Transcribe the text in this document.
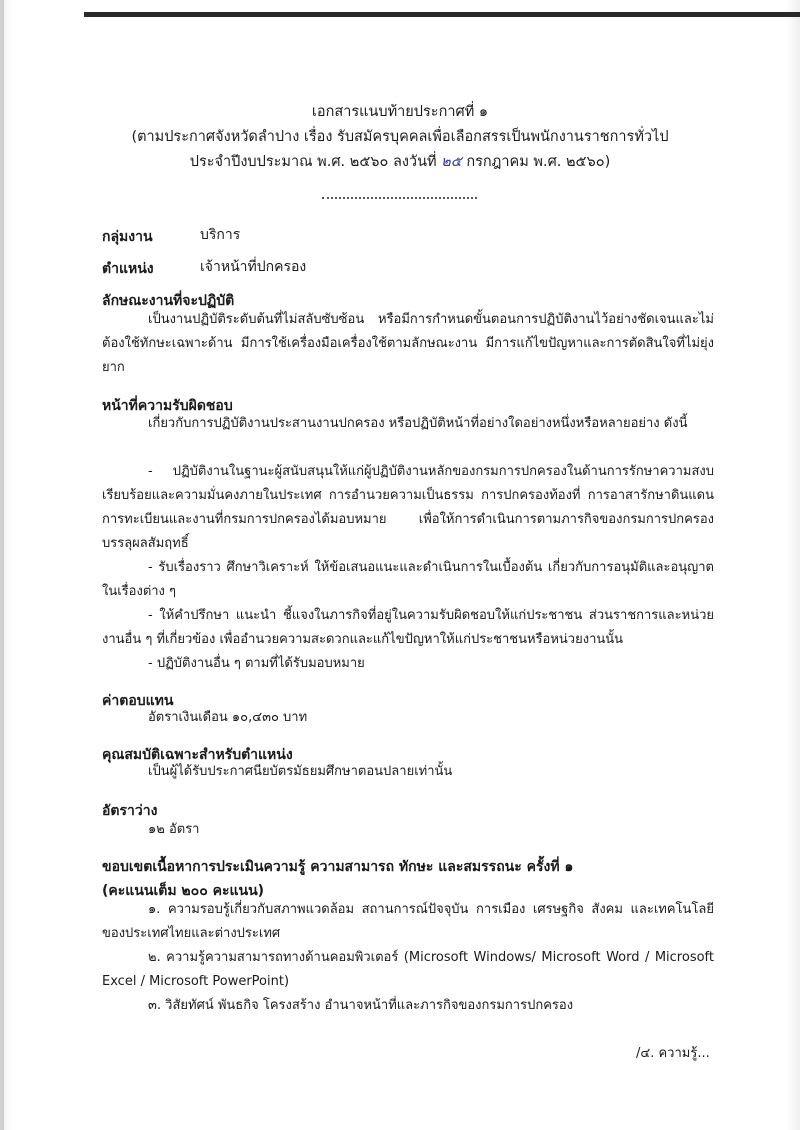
เอกสารแนบท้ายประกาศที่ ๑
(ตามประกาศจังหวัดลำปาง เรื่อง รับสมัครบุคคลเพื่อเลือกสรรเป็นพนักงานราชการทั่วไป
ประจำปีงบประมาณ พ.ศ. ๒๕๖๐ ลงวันที่ ๒๕ กรกฎาคม พ.ศ. ๒๕๖๐)
กลุ่มงาน	บริการ
ตำแหน่ง	เจ้าหน้าที่ปกครอง
ลักษณะงานที่จะปฏิบัติ
เป็นงานปฏิบัติระดับต้นที่ไม่สลับซับซ้อน หรือมีการกำหนดขั้นตอนการปฏิบัติงานไว้อย่างชัดเจนและไม่ต้องใช้ทักษะเฉพาะด้าน มีการใช้เครื่องมือเครื่องใช้ตามลักษณะงาน มีการแก้ไขปัญหาและการตัดสินใจที่ไม่ยุ่งยาก
หน้าที่ความรับผิดชอบ
เกี่ยวกับการปฏิบัติงานประสานงานปกครอง หรือปฏิบัติหน้าที่อย่างใดอย่างหนึ่งหรือหลายอย่าง ดังนี้
- ปฏิบัติงานในฐานะผู้สนับสนุนให้แก่ผู้ปฏิบัติงานหลักของกรมการปกครองในด้านการรักษาความสงบเรียบร้อยและความมั่นคงภายในประเทศ การอำนวยความเป็นธรรม การปกครองท้องที่ การอาสารักษาดินแดน การทะเบียนและงานที่กรมการปกครองได้มอบหมาย เพื่อให้การดำเนินการตามภารกิจของกรมการปกครองบรรลุผลสัมฤทธิ์
- รับเรื่องราว ศึกษาวิเคราะห์ ให้ข้อเสนอแนะและดำเนินการในเบื้องต้น เกี่ยวกับการอนุมัติและอนุญาตในเรื่องต่าง ๆ
- ให้คำปรึกษา แนะนำ ชี้แจงในภารกิจที่อยู่ในความรับผิดชอบให้แก่ประชาชน ส่วนราชการและหน่วยงานอื่น ๆ ที่เกี่ยวข้อง เพื่ออำนวยความสะดวกและแก้ไขปัญหาให้แก่ประชาชนหรือหน่วยงานนั้น
- ปฏิบัติงานอื่น ๆ ตามที่ได้รับมอบหมาย
ค่าตอบแทน
อัตราเงินเดือน ๑๐,๔๓๐ บาท
คุณสมบัติเฉพาะสำหรับตำแหน่ง
เป็นผู้ได้รับประกาศนียบัตรมัธยมศึกษาตอนปลายเท่านั้น
อัตราว่าง
๑๒ อัตรา
ขอบเขตเนื้อหาการประเมินความรู้ ความสามารถ ทักษะ และสมรรถนะ ครั้งที่ ๑
(คะแนนเต็ม ๒๐๐ คะแนน)
๑. ความรอบรู้เกี่ยวกับสภาพแวดล้อม สถานการณ์ปัจจุบัน การเมือง เศรษฐกิจ สังคม และเทคโนโลยีของประเทศไทยและต่างประเทศ
๒. ความรู้ความสามารถทางด้านคอมพิวเตอร์ (Microsoft Windows/ Microsoft Word / Microsoft Excel / Microsoft PowerPoint)
๓. วิสัยทัศน์ พันธกิจ โครงสร้าง อำนาจหน้าที่และภารกิจของกรมการปกครอง
/๔. ความรู้...
